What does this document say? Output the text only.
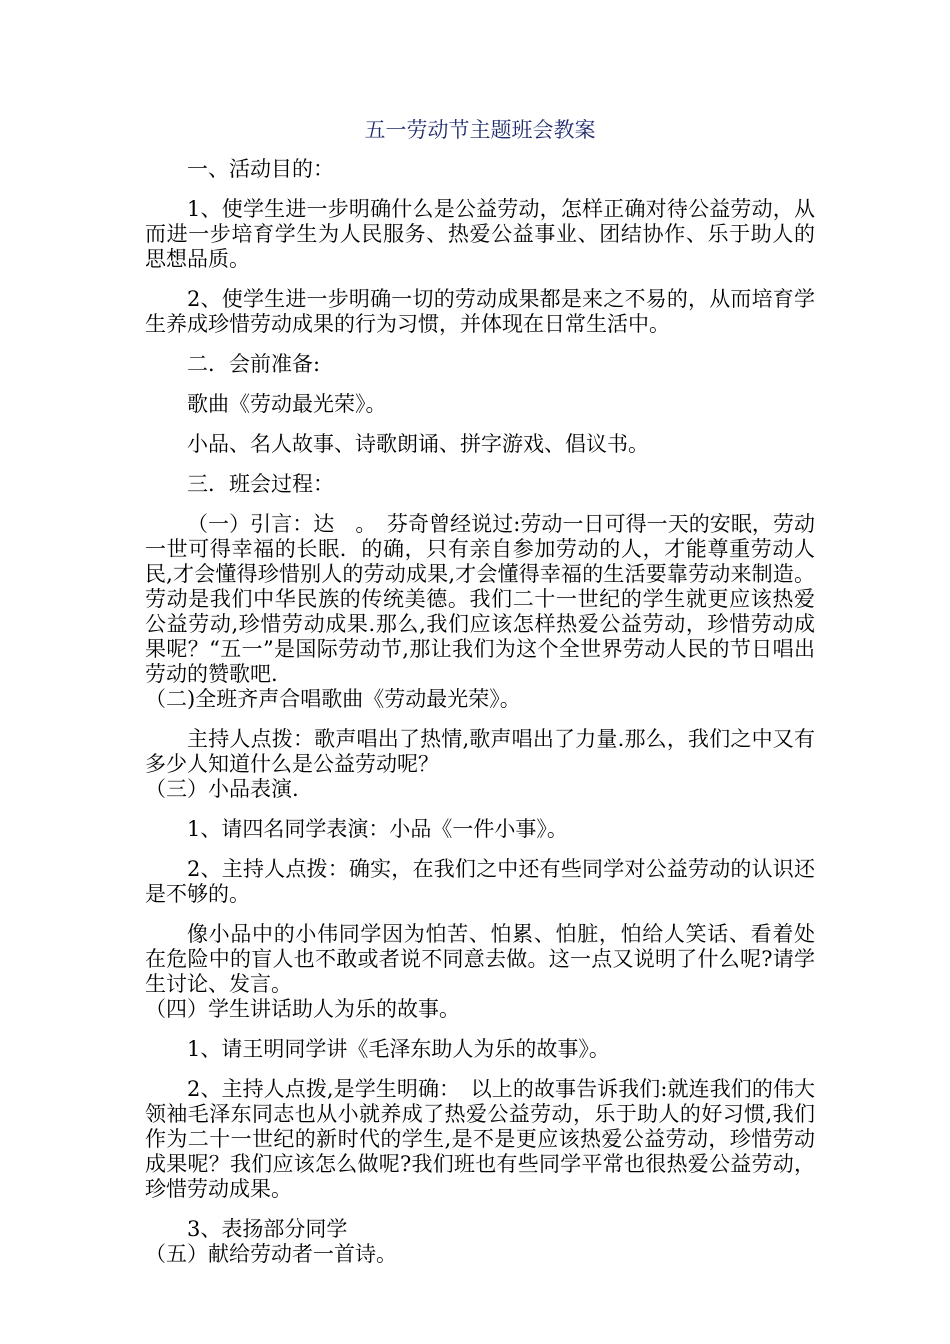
五一劳动节主题班会教案

一、活动目的：

1、使学生进一步明确什么是公益劳动，怎样正确对待公益劳动，从而进一步培育学生为人民服务、热爱公益事业、团结协作、乐于助人的思想品质。

2、使学生进一步明确一切的劳动成果都是来之不易的，从而培育学生养成珍惜劳动成果的行为习惯，并体现在日常生活中。

二．会前准备:

歌曲《劳动最光荣》。

小品、名人故事、诗歌朗诵、拼字游戏、倡议书。

三．班会过程：

（一）引言：达　。　芬奇曾经说过:劳动一日可得一天的安眠，劳动一世可得幸福的长眠．的确，只有亲自参加劳动的人，才能尊重劳动人民,才会懂得珍惜别人的劳动成果,才会懂得幸福的生活要靠劳动来制造。劳动是我们中华民族的传统美德。我们二十一世纪的学生就更应该热爱公益劳动,珍惜劳动成果.那么,我们应该怎样热爱公益劳动，珍惜劳动成果呢？“五一”是国际劳动节,那让我们为这个全世界劳动人民的节日唱出劳动的赞歌吧.

（二)全班齐声合唱歌曲《劳动最光荣》。

主持人点拨：歌声唱出了热情,歌声唱出了力量.那么，我们之中又有多少人知道什么是公益劳动呢？

（三）小品表演.

1、请四名同学表演：小品《一件小事》。

2、主持人点拨：确实，在我们之中还有些同学对公益劳动的认识还是不够的。

像小品中的小伟同学因为怕苦、怕累、怕脏，怕给人笑话、看着处在危险中的盲人也不敢或者说不同意去做。这一点又说明了什么呢?请学生讨论、发言。

（四）学生讲话助人为乐的故事。

1、请王明同学讲《毛泽东助人为乐的故事》。

2、主持人点拨,是学生明确：　以上的故事告诉我们:就连我们的伟大领袖毛泽东同志也从小就养成了热爱公益劳动，乐于助人的好习惯,我们作为二十一世纪的新时代的学生,是不是更应该热爱公益劳动，珍惜劳动成果呢？我们应该怎么做呢?我们班也有些同学平常也很热爱公益劳动，珍惜劳动成果。

3、表扬部分同学

（五）献给劳动者一首诗。
